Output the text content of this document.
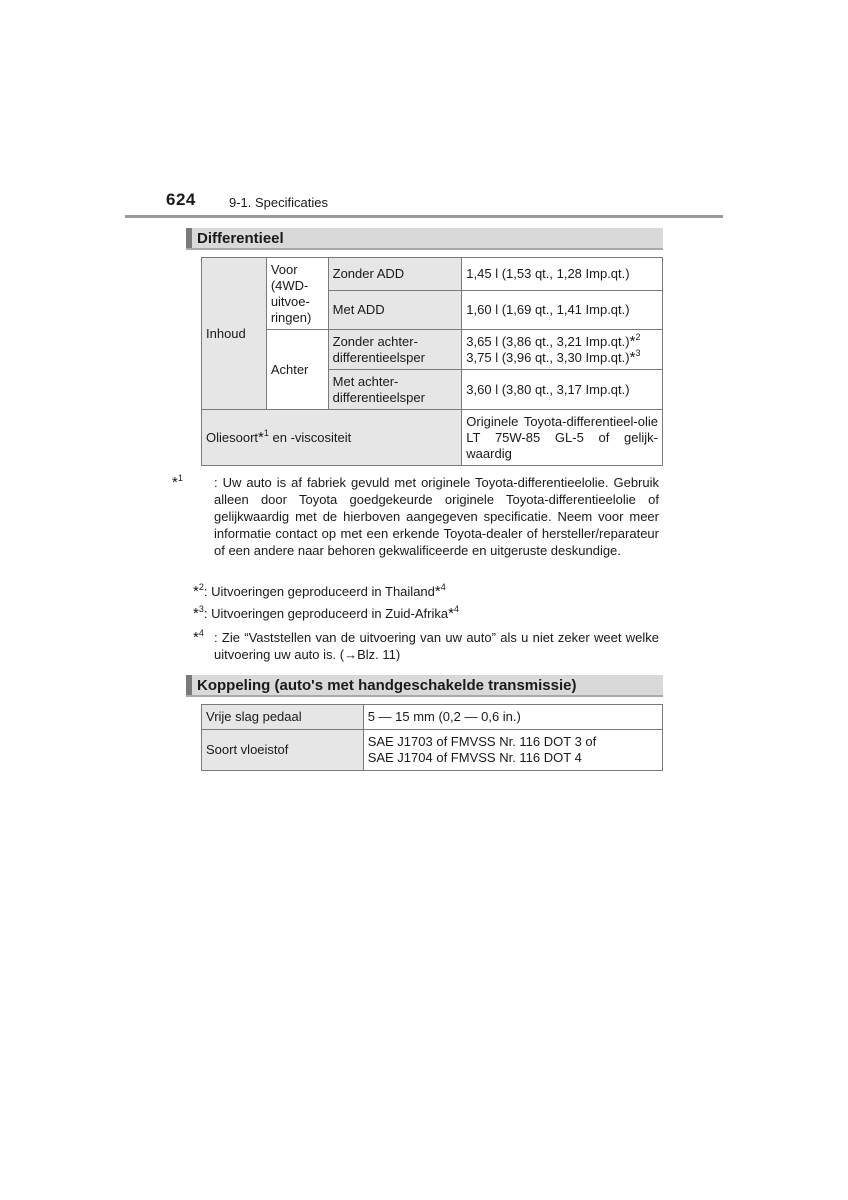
624	9-1. Specificaties
Differentieel
Inhoud	Voor (4WD-uitvoe-ringen)	Zonder ADD	1,45 l (1,53 qt., 1,28 Imp.qt.)
		Met ADD	1,60 l (1,69 qt., 1,41 Imp.qt.)
	Achter	Zonder achter-differentieelsper	3,65 l (3,86 qt., 3,21 Imp.qt.)*$^2$
3,75 l (3,96 qt., 3,30 Imp.qt.)*$^3$

		Met achter-differentieelsper	3,60 l (3,80 qt., 3,17 Imp.qt.)
Oliesoort*$^1$ en -viscositeit			Originele Toyota-differentieel-olie LT 75W-85 GL-5 of gelijk-waardig
*$^1$ : Uw auto is af fabriek gevuld met originele Toyota-differentieelolie. Gebruik alleen door Toyota goedgekeurde originele Toyota-differentieelolie of gelijkwaardig met de hierboven aangegeven specificatie. Neem voor meer informatie contact op met een erkende Toyota-dealer of hersteller/reparateur of een andere naar behoren gekwalificeerde en uitgeruste deskundige.
*$^2$: Uitvoeringen geproduceerd in Thailand*$^4$
*$^3$: Uitvoeringen geproduceerd in Zuid-Afrika*$^4$
*$^4$ : Zie “Vaststellen van de uitvoering van uw auto” als u niet zeker weet welke uitvoering uw auto is. (→Blz. 11)
Koppeling (auto's met handgeschakelde transmissie)
Vrije slag pedaal	5 — 15 mm (0,2 — 0,6 in.)
Soort vloeistof	SAE J1703 of FMVSS Nr. 116 DOT 3 of
SAE J1704 of FMVSS Nr. 116 DOT 4
